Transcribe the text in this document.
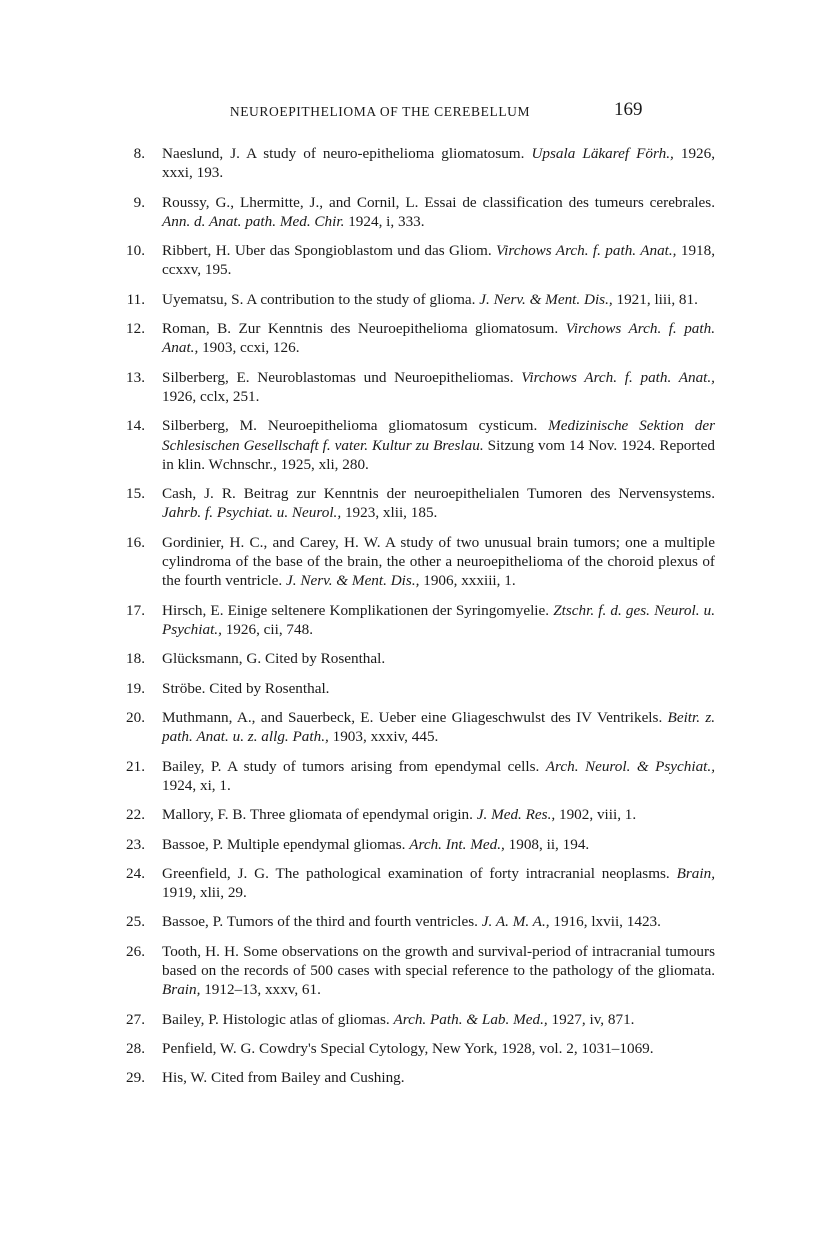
NEUROEPITHELIOMA OF THE CEREBELLUM	169
8. Naeslund, J. A study of neuro-epithelioma gliomatosum. Upsala Läkaref Förh., 1926, xxxi, 193.
9. Roussy, G., Lhermitte, J., and Cornil, L. Essai de classification des tumeurs cerebrales. Ann. d. Anat. path. Med. Chir. 1924, i, 333.
10. Ribbert, H. Uber das Spongioblastom und das Gliom. Virchows Arch. f. path. Anat., 1918, ccxxv, 195.
11. Uyematsu, S. A contribution to the study of glioma. J. Nerv. & Ment. Dis., 1921, liii, 81.
12. Roman, B. Zur Kenntnis des Neuroepithelioma gliomatosum. Virchows Arch. f. path. Anat., 1903, ccxi, 126.
13. Silberberg, E. Neuroblastomas und Neuroepitheliomas. Virchows Arch. f. path. Anat., 1926, cclx, 251.
14. Silberberg, M. Neuroepithelioma gliomatosum cysticum. Medizinische Sektion der Schlesischen Gesellschaft f. vater. Kultur zu Breslau. Sitzung vom 14 Nov. 1924. Reported in klin. Wchnschr., 1925, xli, 280.
15. Cash, J. R. Beitrag zur Kenntnis der neuroepithelialen Tumoren des Nervensystems. Jahrb. f. Psychiat. u. Neurol., 1923, xlii, 185.
16. Gordinier, H. C., and Carey, H. W. A study of two unusual brain tumors; one a multiple cylindroma of the base of the brain, the other a neuroepithelioma of the choroid plexus of the fourth ventricle. J. Nerv. & Ment. Dis., 1906, xxxiii, 1.
17. Hirsch, E. Einige seltenere Komplikationen der Syringomyelie. Ztschr. f. d. ges. Neurol. u. Psychiat., 1926, cii, 748.
18. Glücksmann, G. Cited by Rosenthal.
19. Ströbe. Cited by Rosenthal.
20. Muthmann, A., and Sauerbeck, E. Ueber eine Gliageschwulst des IV Ventrikels. Beitr. z. path. Anat. u. z. allg. Path., 1903, xxxiv, 445.
21. Bailey, P. A study of tumors arising from ependymal cells. Arch. Neurol. & Psychiat., 1924, xi, 1.
22. Mallory, F. B. Three gliomata of ependymal origin. J. Med. Res., 1902, viii, 1.
23. Bassoe, P. Multiple ependymal gliomas. Arch. Int. Med., 1908, ii, 194.
24. Greenfield, J. G. The pathological examination of forty intracranial neoplasms. Brain, 1919, xlii, 29.
25. Bassoe, P. Tumors of the third and fourth ventricles. J. A. M. A., 1916, lxvii, 1423.
26. Tooth, H. H. Some observations on the growth and survival-period of intracranial tumours based on the records of 500 cases with special reference to the pathology of the gliomata. Brain, 1912–13, xxxv, 61.
27. Bailey, P. Histologic atlas of gliomas. Arch. Path. & Lab. Med., 1927, iv, 871.
28. Penfield, W. G. Cowdry's Special Cytology, New York, 1928, vol. 2, 1031–1069.
29. His, W. Cited from Bailey and Cushing.
